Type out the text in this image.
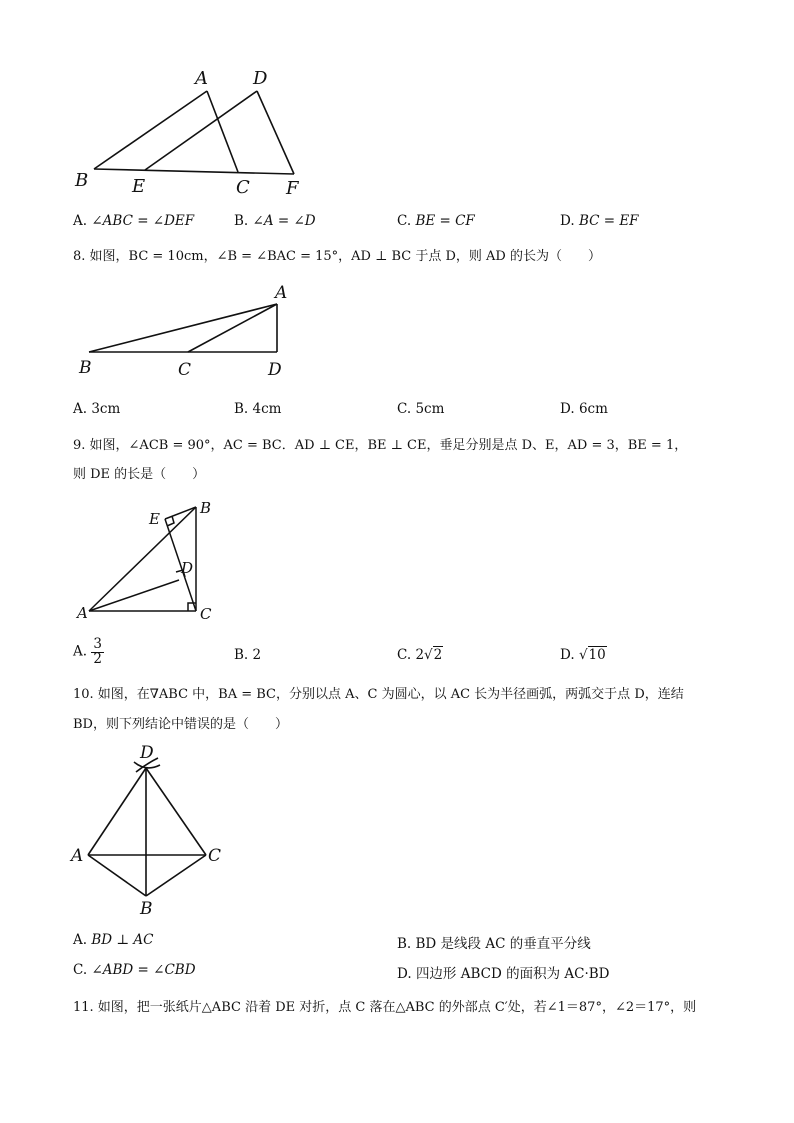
A	D
B E	C F
A. ∠ABC = ∠DEF	B. ∠A = ∠D	C. BE = CF	D. BC = EF
8. 如图，BC = 10cm，∠B = ∠BAC = 15°，AD ⊥ BC 于点 D，则 AD 的长为（　　）
A
B	C	D
A. 3cm	B. 4cm	C. 5cm	D. 6cm
9. 如图，∠ACB = 90°，AC = BC．AD ⊥ CE，BE ⊥ CE，垂足分别是点 D、E，AD = 3，BE = 1，
则 DE 的长是（　　）
B
E
D
A	C
A. $\frac{3}{2}$	B. 2	C. 2√2	D. √10
10. 如图，在∇ABC 中，BA = BC，分别以点 A、C 为圆心，以 AC 长为半径画弧，两弧交于点 D，连结
BD，则下列结论中错误的是（　　）
D
A	C
B
A. BD ⊥ AC	B. BD 是线段 AC 的垂直平分线
C. ∠ABD = ∠CBD	D. 四边形 ABCD 的面积为 AC·BD
11. 如图，把一张纸片△ABC 沿着 DE 对折，点 C 落在△ABC 的外部点 C′处，若∠1＝87°，∠2＝17°，则
